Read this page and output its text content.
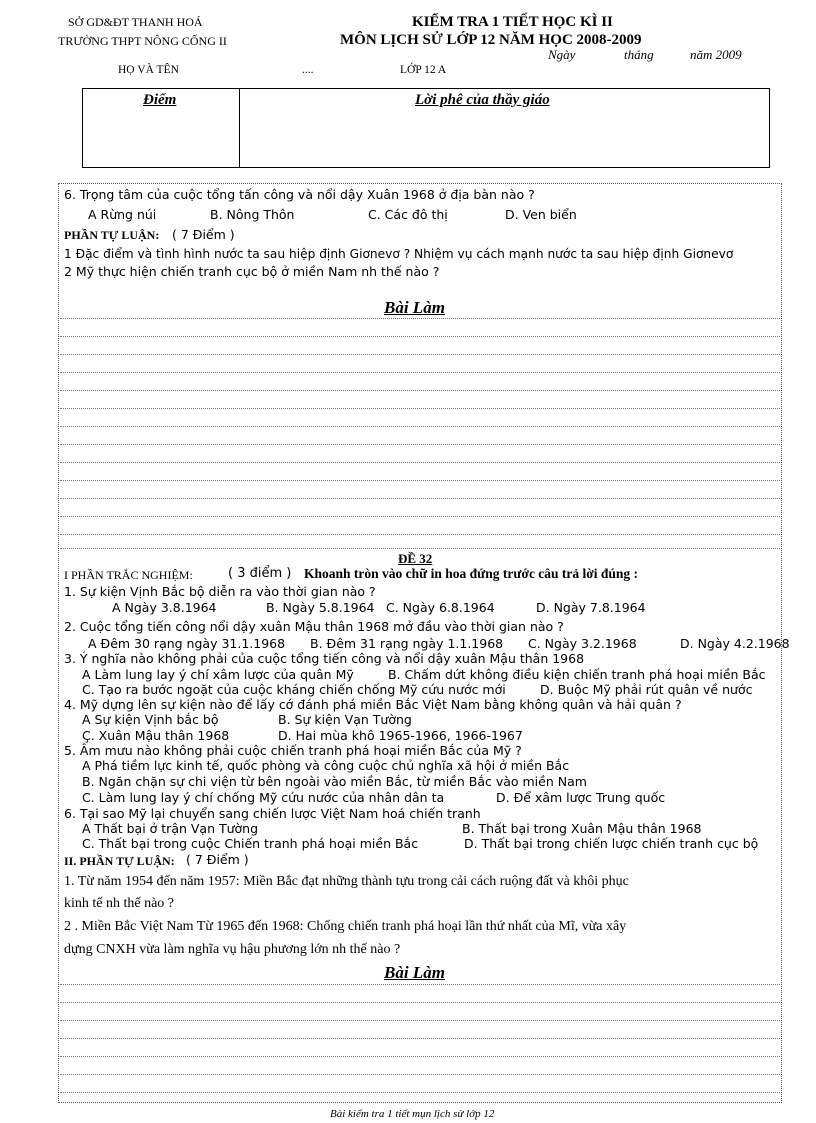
SỞ GD&ĐT THANH HOÁ
TRƯỜNG THPT NÔNG CỐNG II
KIỂM TRA 1 TIẾT HỌC KÌ II
MÔN LỊCH SỬ LỚP 12 NĂM HỌC 2008-2009
Ngày	tháng	năm 2009
HỌ VÀ TÊN	....	LỚP 12 A
Điểm	Lời phê của thầy giáo
6. Trọng tâm của cuộc tổng tấn công và nổi dậy Xuân 1968 ở địa bàn nào ?
A Rừng núi	B. Nông Thôn	C. Các đô thị	D. Ven biển
PHẦN TỰ LUẬN: ( 7 Điểm )
1 Đặc điểm và tình hình nước ta sau hiệp định Giơnevơ ? Nhiệm vụ cách mạnh nước ta sau hiệp định Giơnevơ
2 Mỹ thực hiện chiến tranh cục bộ ở miền Nam nh thế nào ?
Bài Làm
ĐỀ 32
I PHẦN TRẮC NGHIỆM:	( 3 điểm ) Khoanh tròn vào chữ in hoa đứng trước câu trả lời đúng :
1. Sự kiện Vịnh Bắc bộ diễn ra vào thời gian nào ?
A Ngày 3.8.1964	B. Ngày 5.8.1964 C. Ngày 6.8.1964	D. Ngày 7.8.1964
2. Cuộc tổng tiến công nổi dậy xuân Mậu thân 1968 mở đầu vào thời gian nào ?
A Đêm 30 rạng ngày 31.1.1968 B. Đêm 31 rạng ngày 1.1.1968 C. Ngày 3.2.1968	D. Ngày 4.2.1968
3. Ý nghĩa nào không phải của cuộc tổng tiến công và nổi dậy xuân Mậu thân 1968
A Làm lung lay ý chí xâm lược của quân Mỹ	B. Chấm dứt không điều kiện chiến tranh phá hoại miền Bắc
C. Tạo ra bước ngoặt của cuộc kháng chiến chống Mỹ cứu nước mới	D. Buộc Mỹ phải rút quân về nước
4. Mỹ dựng lên sự kiện nào để lấy cớ đánh phá miền Bắc Việt Nam bằng không quân và hải quân ?
A Sự kiện Vịnh bắc bộ	B. Sự kiện Vạn Tường
Ç. Xuân Mậu thân 1968	D. Hai mùa khô 1965-1966, 1966-1967
5. Âm mưu nào không phải cuộc chiến tranh phá hoại miền Bắc của Mỹ ?
A Phá tiềm lực kinh tế, quốc phòng và công cuộc chủ nghĩa xã hội ở miền Bắc
B. Ngăn chặn sự chi viện từ bên ngoài vào miền Bắc, từ miền Bắc vào miền Nam
C. Làm lung lay ý chí chống Mỹ cứu nước của nhân dân ta	D. Để xâm lược Trung quốc
6. Tại sao Mỹ lại chuyển sang chiến lược Việt Nam hoá chiến tranh
A Thất bại ở trận Vạn Tường	B. Thất bại trong Xuân Mậu thân 1968
C. Thất bại trong cuộc Chiến tranh phá hoại miền Bắc	D. Thất bại trong chiến lược chiến tranh cục bộ
II. PHẦN TỰ LUẬN: ( 7 Điểm )
1. Từ năm 1954 đến năm 1957: Miền Bắc đạt những thành tựu trong cải cách ruộng đất và khôi phục
kinh tế nh thế nào ?
2 . Miền Bắc Việt Nam Từ 1965 đến 1968: Chống chiến tranh phá hoại lần thứ nhất của Mĩ, vừa xây
dựng CNXH vừa làm nghĩa vụ hậu phương lớn nh thế nào ?
Bài Làm
Bài kiểm tra 1 tiết mụn lịch sử lớp 12
